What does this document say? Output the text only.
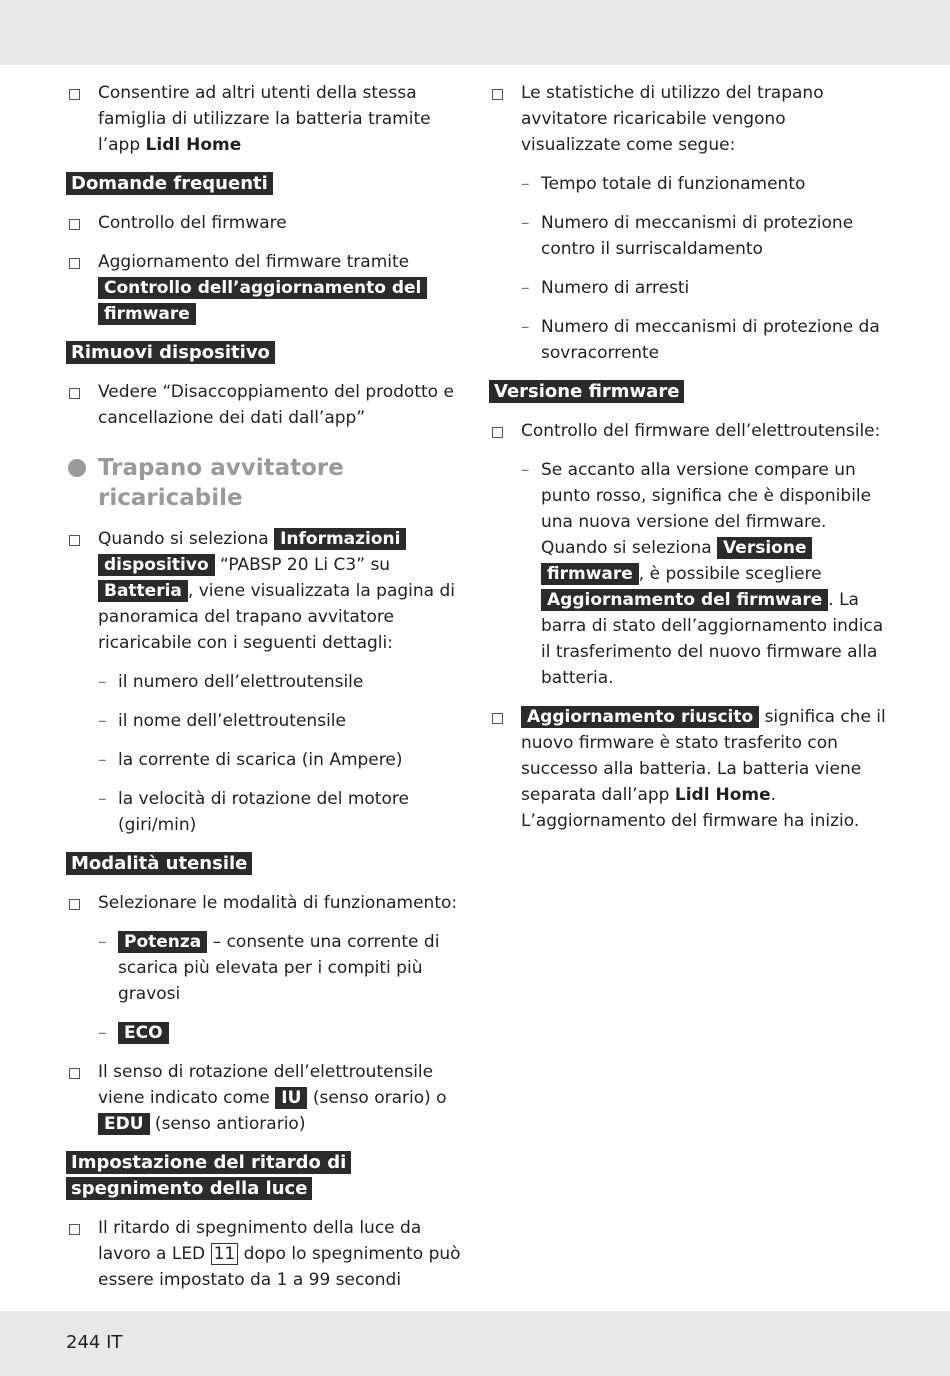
Consentire ad altri utenti della stessa famiglia di utilizzare la batteria tramite l’app Lidl Home
Domande frequenti
Controllo del firmware
Aggiornamento del firmware tramite
Controllo dell’aggiornamento del firmware
Rimuovi dispositivo
Vedere “Disaccoppiamento del prodotto e cancellazione dei dati dall’app”
Trapano avvitatore ricaricabile
Quando si seleziona Informazioni dispositivo “PABSP 20 Li C3” su Batteria , viene visualizzata la pagina di panoramica del trapano avvitatore ricaricabile con i seguenti dettagli:
– il numero dell’elettroutensile
– il nome dell’elettroutensile
– la corrente di scarica (in Ampere)
– la velocità di rotazione del motore (giri/min)
Modalità utensile
Selezionare le modalità di funzionamento:
– Potenza – consente una corrente di scarica più elevata per i compiti più gravosi
– ECO
Il senso di rotazione dell’elettroutensile viene indicato come IU (senso orario) o EDU (senso antiorario)
Impostazione del ritardo di spegnimento della luce
Il ritardo di spegnimento della luce da lavoro a LED 11 dopo lo spegnimento può essere impostato da 1 a 99 secondi
Le statistiche di utilizzo del trapano avvitatore ricaricabile vengono visualizzate come segue:
– Tempo totale di funzionamento
– Numero di meccanismi di protezione contro il surriscaldamento
– Numero di arresti
– Numero di meccanismi di protezione da sovracorrente
Versione firmware
Controllo del firmware dell’elettroutensile:
– Se accanto alla versione compare un punto rosso, significa che è disponibile una nuova versione del firmware. Quando si seleziona Versione firmware , è possibile scegliere Aggiornamento del firmware . La barra di stato dell’aggiornamento indica il trasferimento del nuovo firmware alla batteria.
Aggiornamento riuscito significa che il nuovo firmware è stato trasferito con successo alla batteria. La batteria viene separata dall’app Lidl Home. L’aggiornamento del firmware ha inizio.
244 IT
